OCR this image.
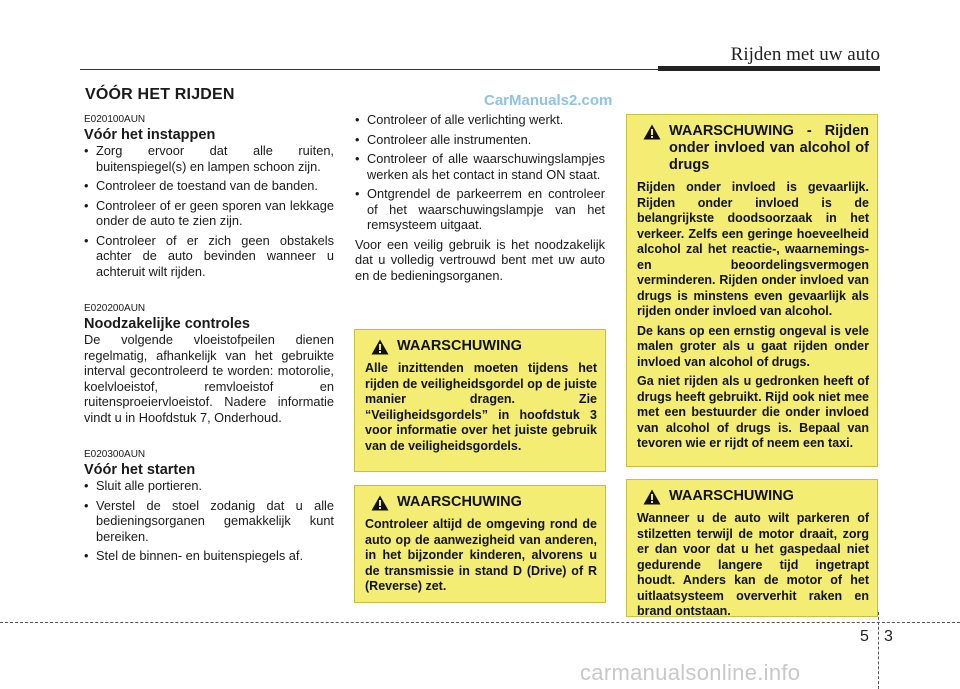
Rijden met uw auto
VÓÓR HET RIJDEN	CarManuals2.com

E020100AUN

Vóór het instappen

• Zorg ervoor dat alle ruiten, buitenspiegel(s) en lampen schoon zijn.
• Controleer de toestand van de banden.
• Controleer of er geen sporen van lekkage onder de auto te zien zijn.
• Controleer of er zich geen obstakels achter de auto bevinden wanneer u achteruit wilt rijden.

E020200AUN

Noodzakelijke controles

De volgende vloeistofpeilen dienen regelmatig, afhankelijk van het gebruikte interval gecontroleerd te worden: motorolie, koelvloeistof, remvloeistof en ruitensproeiervloeistof. Nadere informatie vindt u in Hoofdstuk 7, Onderhoud.

E020300AUN

Vóór het starten

• Sluit alle portieren.
• Verstel de stoel zodanig dat u alle bedieningsorganen gemakkelijk kunt bereiken.
• Stel de binnen- en buitenspiegels af.
• Controleer of alle verlichting werkt.
• Controleer alle instrumenten.
• Controleer of alle waarschuwingslampjes werken als het contact in stand ON staat.
• Ontgrendel de parkeerrem en controleer of het waarschuwingslampje van het remsysteem uitgaat.

Voor een veilig gebruik is het noodzakelijk dat u volledig vertrouwd bent met uw auto en de bedieningsorganen.

WAARSCHUWING

Alle inzittenden moeten tijdens het rijden de veiligheidsgordel op de juiste manier dragen. Zie “Veiligheidsgordels” in hoofdstuk 3 voor informatie over het juiste gebruik van de veiligheidsgordels.

WAARSCHUWING

Controleer altijd de omgeving rond de auto op de aanwezigheid van anderen, in het bijzonder kinderen, alvorens u de transmissie in stand D (Drive) of R (Reverse) zet.

WAARSCHUWING - Rijden onder invloed van alcohol of drugs

Rijden onder invloed is gevaarlijk. Rijden onder invloed is de belangrijkste doodsoorzaak in het verkeer. Zelfs een geringe hoeveelheid alcohol zal het reactie-, waarnemings- en beoordelingsvermogen verminderen. Rijden onder invloed van drugs is minstens even gevaarlijk als rijden onder invloed van alcohol.

De kans op een ernstig ongeval is vele malen groter als u gaat rijden onder invloed van alcohol of drugs.

Ga niet rijden als u gedronken heeft of drugs heeft gebruikt. Rijd ook niet mee met een bestuurder die onder invloed van alcohol of drugs is. Bepaal van tevoren wie er rijdt of neem een taxi.

WAARSCHUWING

Wanneer u de auto wilt parkeren of stilzetten terwijl de motor draait, zorg er dan voor dat u het gaspedaal niet gedurende langere tijd ingetrapt houdt. Anders kan de motor of het uitlaatsysteem oververhit raken en brand ontstaan.

5 3
carmanualsonline.info
